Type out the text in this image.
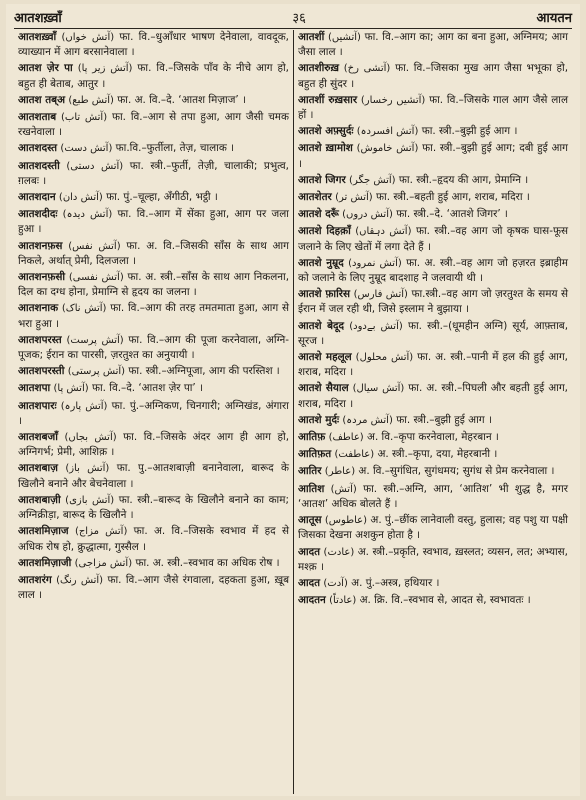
आतशख़्वाँ	३६	आयतन

आतशख़्वाँ (آتش خواں) फा. वि.–धुआँधार भाषण देनेवाला, वावदूक, व्याख्यान में आग बरसानेवाला ।

आतश ज़ेर पा (آتش زیر پا) फा. वि.–जिसके पाँव के नीचे आग हो, बहुत ही बेताब, आतुर ।

आतश तब्अ (آتش طبع) फा. अ. वि.–दे. ‘आतश मिज़ाज’ ।

आतशताब (آتش تاب) फा. वि.–आग से तपा हुआ, आग जैसी चमक रखनेवाला ।

आतशदस्त (آتش دست) फा.वि.–फुर्तीला, तेज़, चालाक ।

आतशदस्ती (آتش دستی) फा. स्त्री.–फुर्ती, तेज़ी, चालाकी; प्रभुत्व, ग़लबः ।

आतशदान (آتش دان) फा. पुं.–चूल्हा, अँगीठी, भट्ठी ।

आतशदीदः (آتش دیدہ) फा. वि.–आग में सेंका हुआ, आग पर जला हुआ ।

आतशनफ़स (آتش نفس) फा. अ. वि.–जिसकी साँस के साथ आग निकले, अर्थात् प्रेमी, दिलजला ।

आतशनफ़सी (آتش نفسی) फा. अ. स्त्री.–साँस के साथ आग निकलना, दिल का दग्ध होना, प्रेमाग्नि से हृदय का जलना ।

आतशनाक (آتش ناک) फा. वि.–आग की तरह तमतमाता हुआ, आग से भरा हुआ ।

आतशपरस्त (آتش پرست) फा. वि.–आग की पूजा करनेवाला, अग्नि-पूजक; ईरान का पारसी, ज़रतुश्त का अनुयायी ।

आतशपरस्ती (آتش پرستی) फा. स्त्री.–अग्निपूजा, आग की परस्तिश ।

आतशपा (آتش پا) फा. वि.–दे. ‘आतश ज़ेर पा’ ।

आतशपारः (آتش پارہ) फा. पुं.–अग्निकण, चिनगारी; अग्निखंड, अंगारा ।

आतशबजाँ (آتش بجاں) फा. वि.–जिसके अंदर आग ही आग हो, अग्निगर्भ; प्रेमी, आशिक़ ।

आतशबाज़ (آتش باز) फा. पु.–आतशबाज़ी बनानेवाला, बारूद के खिलौने बनाने और बेचनेवाला ।

आतशबाज़ी (آتش بازی) फा. स्त्री.–बारूद के खिलौने बनाने का काम; अग्निक्रीड़ा, बारूद के खिलौने ।

आतशमिज़ाज (آتش مزاج) फा. अ. वि.–जिसके स्वभाव में हद से अधिक रोष हो, क्रुद्धात्मा, गुस्सैल ।

आतशमिज़ाजी (آتش مزاجی) फा. अ. स्त्री.–स्वभाव का अधिक रोष ।

आतशरंग (آتش رنگ) फा. वि.–आग जैसे रंगवाला, दहकता हुआ, ख़ूब लाल ।

आतशीं (آتشیں) फा. वि.–आग का; आग का बना हुआ, अग्निमय; आग जैसा लाल ।

आतशीरुख़ (آتشی رخ) फा. वि.–जिसका मुख आग जैसा भभूका हो, बहुत ही सुंदर ।

आतशीं रुख़सार (آتشیں رخسار) फा. वि.–जिसके गाल आग जैसे लाल हों ।

आतशे अफ़्सुर्दः (آتش افسردہ) फा. स्त्री.–बुझी हुई आग ।

आतशे ख़ामोश (آتش خاموش) फा. स्त्री.–बुझी हुई आग; दबी हुई आग ।

आतशे जिगर (آتش جگر) फा. स्त्री.–हृदय की आग, प्रेमाग्नि ।

आतशेतर (آتش تر) फा. स्त्री.–बहती हुई आग, शराब, मदिरा ।

आतशे दरूँ (آتش دروں) फा. स्त्री.–दे. ‘आतशे जिगर’ ।

आतशे दिहक़ाँ (آتش دہقاں) फा. स्त्री.–वह आग जो कृषक घास-फूस जलाने के लिए खेतों में लगा देते हैं ।

आतशे नुम्रूद (آتش نمرود) फा. अ. स्त्री.–वह आग जो हज़रत इब्राहीम को जलाने के लिए नुम्रूद बादशाह ने जलवायी थी ।

आतशे फ़ारिस (آتش فارس) फा.स्त्री.–वह आग जो ज़रतुश्त के समय से ईरान में जल रही थी, जिसे इस्लाम ने बुझाया ।

आतशे बेदूद (آتش بےدود) फा. स्त्री.–(धूमहीन अग्नि) सूर्य, आफ़्ताब, सूरज ।

आतशे महलूल (آتش محلول) फा. अ. स्त्री.–पानी में हल की हुई आग, शराब, मदिरा ।

आतशे सैयाल (آتش سیال) फा. अ. स्त्री.–पिघली और बहती हुई आग, शराब, मदिरा ।

आतशे मुर्दः (آتش مردہ) फा. स्त्री.–बुझी हुई आग ।

आतिफ़ (عاطف) अ. वि.–कृपा करनेवाला, मेहरबान ।

आतिफ़त (عاطفت) अ. स्त्री.–कृपा, दया, मेहरबानी ।

आतिर (عاطر) अ. वि.–सुगंधित, सुगंधमय; सुगंध से प्रेम करनेवाला ।

आतिश (آتش) फा. स्त्री.–अग्नि, आग, ‘आतिश’ भी शुद्ध है, मगर ‘आतश’ अधिक बोलते हैं ।

आतूस (عاطوس) अ. पुं.–छींक लानेवाली वस्तु, हुलास; वह पशु या पक्षी जिसका देखना अशकुन होता है ।

आदत (عادت) अ. स्त्री.–प्रकृति, स्वभाव, ख़स्लत; व्यसन, लत; अभ्यास, मश्क़ ।

आदत (آدت) अ. पुं.–अस्त्र, हथियार ।

आदतन (عادتاً) अ. क्रि. वि.–स्वभाव से, आदत से, स्वभावतः ।
